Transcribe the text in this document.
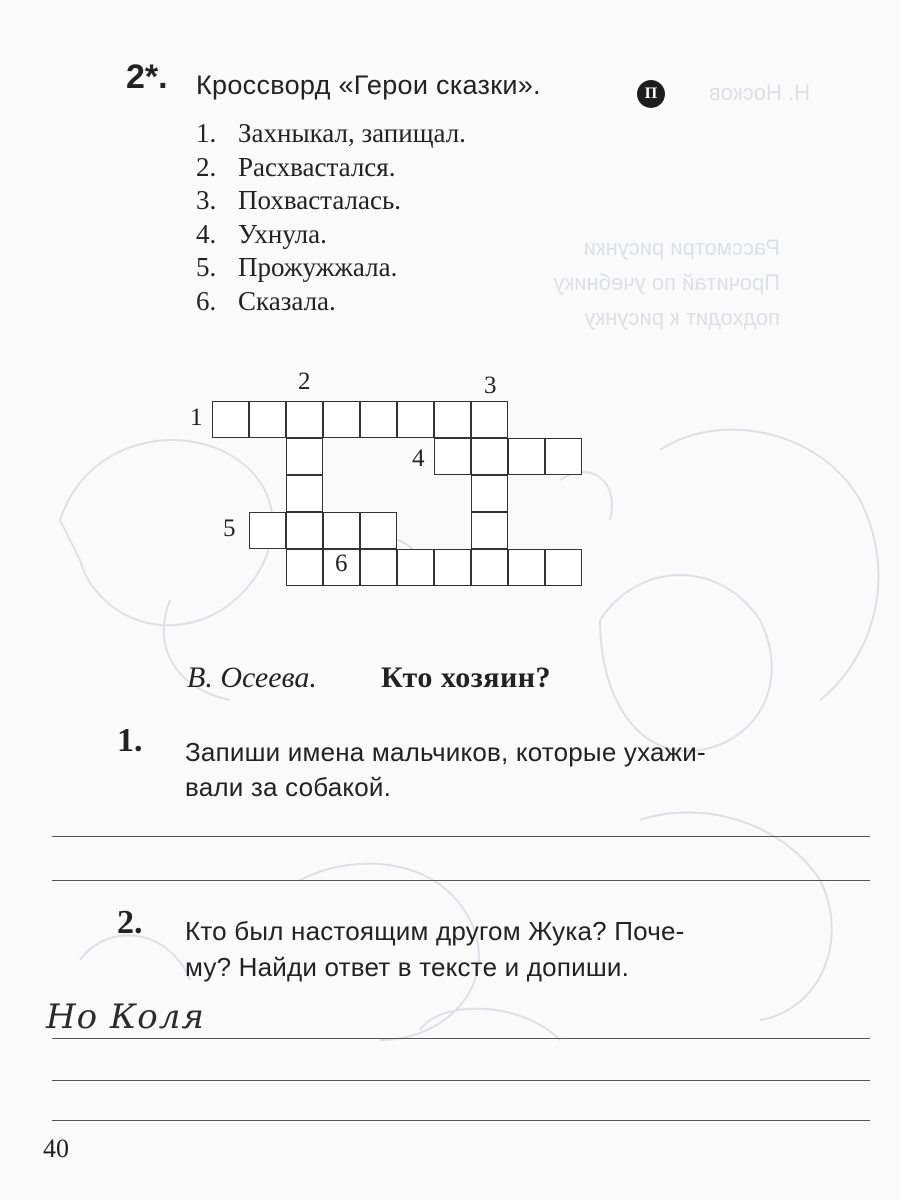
Н. Носков
Рассмотри рисунки
Прочитай по учебнику
подходит к рисунку
2*. Кроссворд «Герои сказки».	П
1. Захныкал, запищал.
2. Расхвастался.
3. Похвасталась.
4. Ухнула.
5. Прожужжала.
6. Сказала.
1
2	3
4
5
6
В. Осеева. Кто хозяин?
1. Запиши имена мальчиков, которые ухажи-
вали за собакой.
2. Кто был настоящим другом Жука? Поче-
му? Найди ответ в тексте и допиши.
Но Коля
40
